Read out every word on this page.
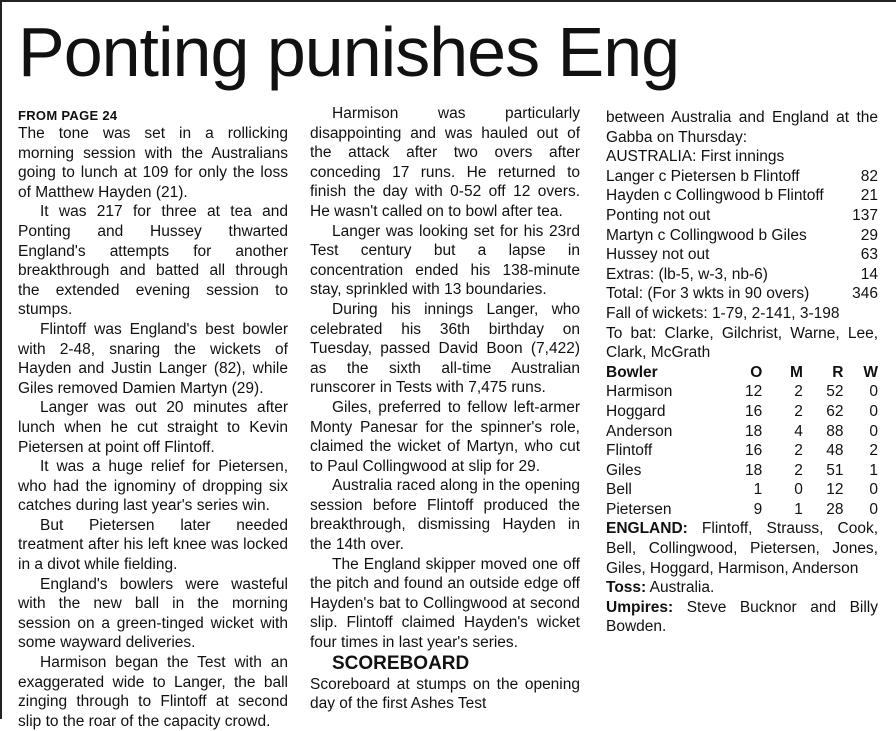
Ponting punishes Eng
FROM PAGE 24

The tone was set in a rollicking morning session with the Australians going to lunch at 109 for only the loss of Matthew Hayden (21).

It was 217 for three at tea and Ponting and Hussey thwarted England's attempts for another breakthrough and batted all through the extended evening session to stumps.

Flintoff was England's best bowler with 2-48, snaring the wickets of Hayden and Justin Langer (82), while Giles removed Damien Martyn (29).

Langer was out 20 minutes after lunch when he cut straight to Kevin Pietersen at point off Flintoff.

It was a huge relief for Pietersen, who had the ignominy of dropping six catches during last year's series win.

But Pietersen later needed treatment after his left knee was locked in a divot while fielding.

England's bowlers were wasteful with the new ball in the morning session on a green-tinged wicket with some wayward deliveries.

Harmison began the Test with an exaggerated wide to Langer, the ball zinging through to Flintoff at second slip to the roar of the capacity crowd.

Harmison was particularly disappointing and was hauled out of the attack after two overs after conceding 17 runs. He returned to finish the day with 0-52 off 12 overs. He wasn't called on to bowl after tea.

Langer was looking set for his 23rd Test century but a lapse in concentration ended his 138-minute stay, sprinkled with 13 boundaries.

During his innings Langer, who celebrated his 36th birthday on Tuesday, passed David Boon (7,422) as the sixth all-time Australian runscorer in Tests with 7,475 runs.

Giles, preferred to fellow left-armer Monty Panesar for the spinner's role, claimed the wicket of Martyn, who cut to Paul Collingwood at slip for 29.

Australia raced along in the opening session before Flintoff produced the breakthrough, dismissing Hayden in the 14th over.

The England skipper moved one off the pitch and found an outside edge off Hayden's bat to Collingwood at second slip. Flintoff claimed Hayden's wicket four times in last year's series.

SCOREBOARD

Scoreboard at stumps on the opening day of the first Ashes Test

between Australia and England at the Gabba on Thursday:
AUSTRALIA: First innings
Langer c Pietersen b Flintoff	82
Hayden c Collingwood b Flintoff 21
Ponting not out	137
Martyn c Collingwood b Giles	29
Hussey not out	63
Extras: (lb-5, w-3, nb-6)	14
Total: (For 3 wkts in 90 overs)	346
Fall of wickets: 1-79, 2-141, 3-198
To bat: Clarke, Gilchrist, Warne, Lee, Clark, McGrath
Bowler	O	M	R	W
Harmison	12	2	52	0
Hoggard	16	2	62	0
Anderson	18	4	88	0
Flintoff	16	2	48	2
Giles	18	2	51	1
Bell	1	0	12	0
Pietersen	9	1	28	0
ENGLAND: Flintoff, Strauss, Cook, Bell, Collingwood, Pietersen, Jones, Giles, Hoggard, Harmison, Anderson
Toss: Australia.
Umpires: Steve Bucknor and Billy Bowden.
